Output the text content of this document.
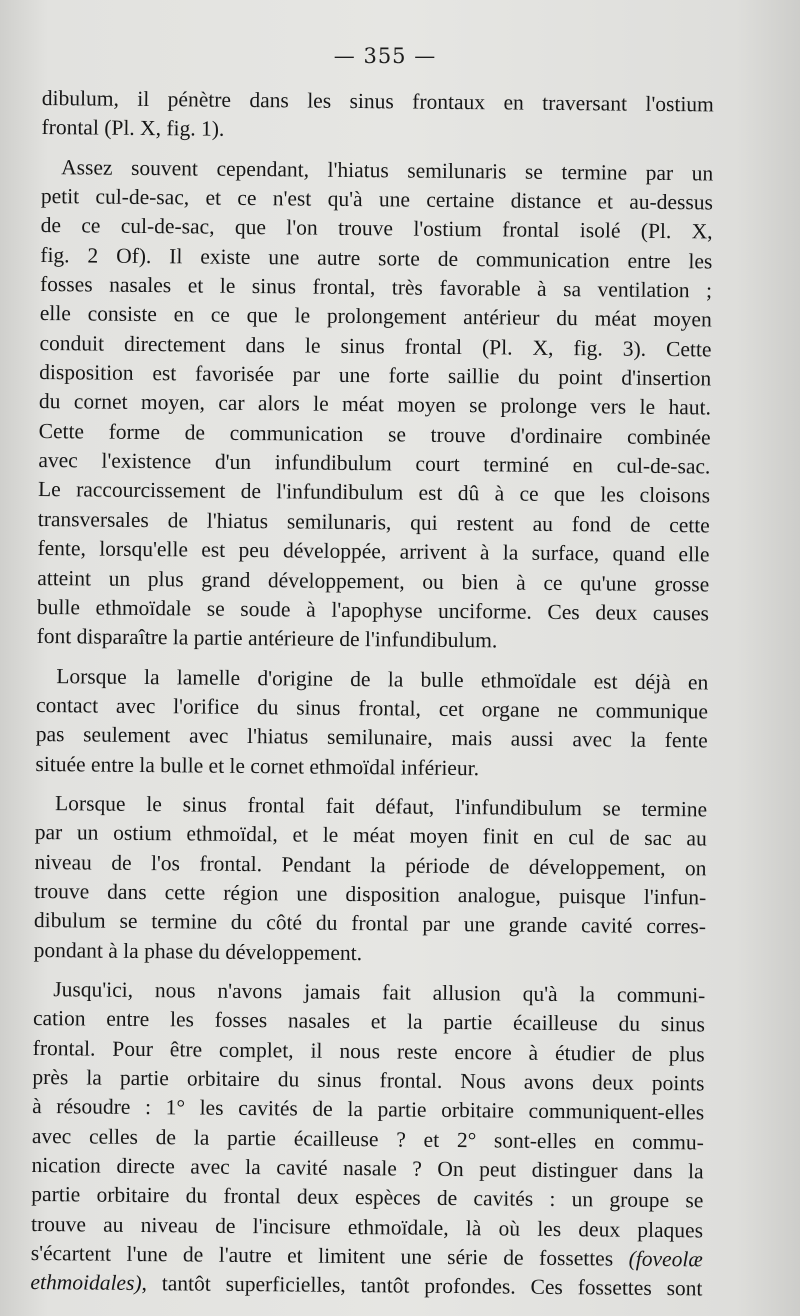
— 355 —
dibulum, il pénètre dans les sinus frontaux en traversant l'ostium
frontal (Pl. X, fig. 1).
Assez souvent cependant, l'hiatus semilunaris se termine par un
petit cul-de-sac, et ce n'est qu'à une certaine distance et au-dessus
de ce cul-de-sac, que l'on trouve l'ostium frontal isolé (Pl. X,
fig. 2 Of). Il existe une autre sorte de communication entre les
fosses nasales et le sinus frontal, très favorable à sa ventilation ;
elle consiste en ce que le prolongement antérieur du méat moyen
conduit directement dans le sinus frontal (Pl. X, fig. 3). Cette
disposition est favorisée par une forte saillie du point d'insertion
du cornet moyen, car alors le méat moyen se prolonge vers le haut.
Cette forme de communication se trouve d'ordinaire combinée
avec l'existence d'un infundibulum court terminé en cul-de-sac.
Le raccourcissement de l'infundibulum est dû à ce que les cloisons
transversales de l'hiatus semilunaris, qui restent au fond de cette
fente, lorsqu'elle est peu développée, arrivent à la surface, quand elle
atteint un plus grand développement, ou bien à ce qu'une grosse
bulle ethmoïdale se soude à l'apophyse unciforme. Ces deux causes
font disparaître la partie antérieure de l'infundibulum.
Lorsque la lamelle d'origine de la bulle ethmoïdale est déjà en
contact avec l'orifice du sinus frontal, cet organe ne communique
pas seulement avec l'hiatus semilunaire, mais aussi avec la fente
située entre la bulle et le cornet ethmoïdal inférieur.
Lorsque le sinus frontal fait défaut, l'infundibulum se termine
par un ostium ethmoïdal, et le méat moyen finit en cul de sac au
niveau de l'os frontal. Pendant la période de développement, on
trouve dans cette région une disposition analogue, puisque l'infun-
dibulum se termine du côté du frontal par une grande cavité corres-
pondant à la phase du développement.
Jusqu'ici, nous n'avons jamais fait allusion qu'à la communi-
cation entre les fosses nasales et la partie écailleuse du sinus
frontal. Pour être complet, il nous reste encore à étudier de plus
près la partie orbitaire du sinus frontal. Nous avons deux points
à résoudre : 1° les cavités de la partie orbitaire communiquent-elles
avec celles de la partie écailleuse ? et 2° sont-elles en commu-
nication directe avec la cavité nasale ? On peut distinguer dans la
partie orbitaire du frontal deux espèces de cavités : un groupe se
trouve au niveau de l'incisure ethmoïdale, là où les deux plaques
s'écartent l'une de l'autre et limitent une série de fossettes (foveolæ
ethmoidales), tantôt superficielles, tantôt profondes. Ces fossettes sont
